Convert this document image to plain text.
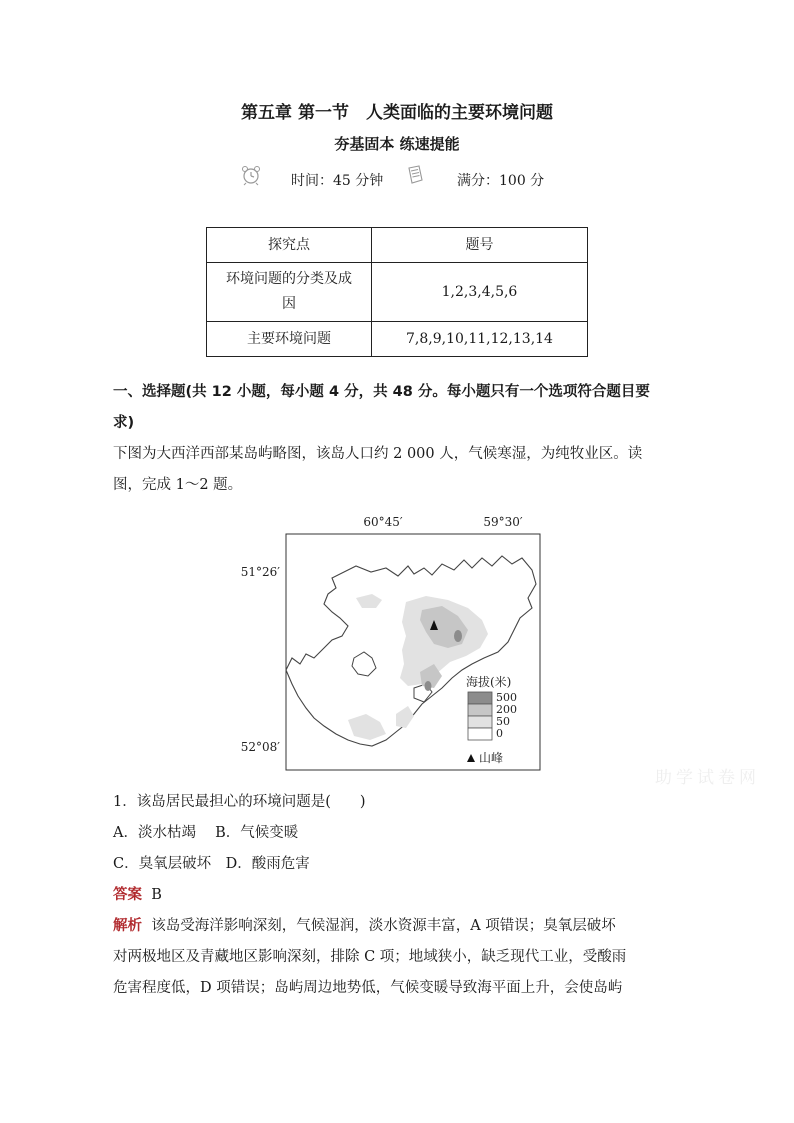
第五章 第一节　人类面临的主要环境问题
夯基固本 练速提能
时间：45 分钟	满分：100 分
探究点	题号
环境问题的分类及成
因	1,2,3,4,5,6
主要环境问题	7,8,9,10,11,12,13,14
一、选择题(共 12 小题，每小题 4 分，共 48 分。每小题只有一个选项符合题目要
求)
下图为大西洋西部某岛屿略图，该岛人口约 2 000 人，气候寒湿，为纯牧业区。读
图，完成 1～2 题。
60°45′	59°30′
51°26′
52°08′
海拔(米)
500
200
50
0
山峰
助学试卷网
1．该岛居民最担心的环境问题是(　　)
A．淡水枯竭　 B．气候变暖
C．臭氧层破坏　D．酸雨危害
答案 B
解析 该岛受海洋影响深刻，气候湿润，淡水资源丰富，A 项错误；臭氧层破坏
对两极地区及青藏地区影响深刻，排除 C 项；地域狭小，缺乏现代工业，受酸雨
危害程度低，D 项错误；岛屿周边地势低，气候变暖导致海平面上升，会使岛屿
